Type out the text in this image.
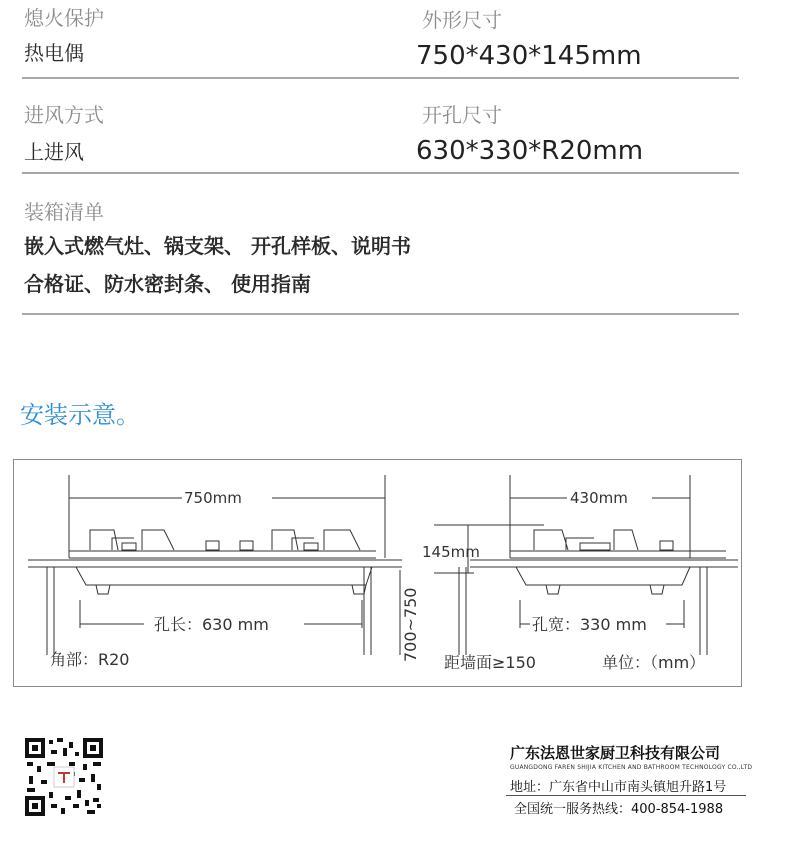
熄火保护
热电偶
外形尺寸
750*430*145mm
进风方式
上进风
开孔尺寸
630*330*R20mm
装箱清单
嵌入式燃气灶、锅支架、 开孔样板、说明书
合格证、防水密封条、 使用指南
安装示意。
750mm
145mm
孔长：630 mm
角部：R20	700~750
430mm
孔宽：330 mm
距墙面≥150	单位：（mm）
广东法恩世家厨卫科技有限公司
GUANGDONG FAREN SHIJIA KITCHEN AND BATHROOM TECHNOLOGY CO.,LTD
地址：广东省中山市南头镇旭升路1号
全国统一服务热线：400-854-1988
